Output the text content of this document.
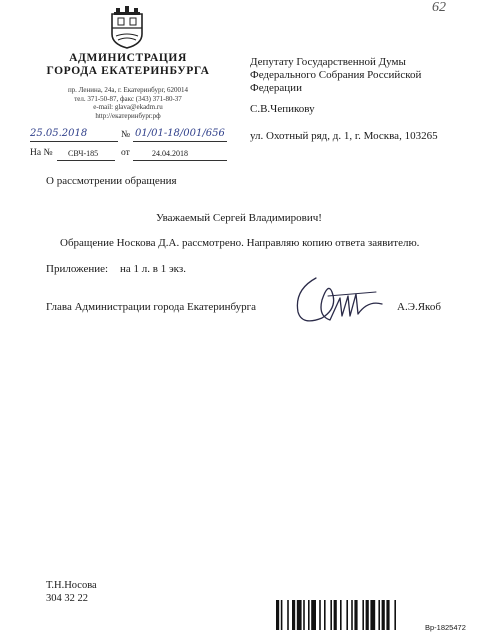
62
АДМИНИСТРАЦИЯ
ГОРОДА ЕКАТЕРИНБУРГА
пр. Ленина, 24а, г. Екатеринбург, 620014
тел. 371-50-87, факс (343) 371-80-37
e-mail: glava@ekadm.ru
http://екатеринбург.рф
Депутату Государственной Думы
Федерального Собрания Российской
Федерации
С.В.Чепикову
ул. Охотный ряд, д. 1, г. Москва, 103265
25.05.2018	№ 01/01-18/001/656
На № СВЧ-185 от	24.04.2018
О рассмотрении обращения
Уважаемый Сергей Владимирович!
Обращение Носкова Д.А. рассмотрено. Направляю копию ответа заявителю.
Приложение: на 1 л. в 1 экз.
Глава Администрации города Екатеринбурга	А.Э.Якоб
Т.Н.Носова
304 32 22
Вр-1825472
